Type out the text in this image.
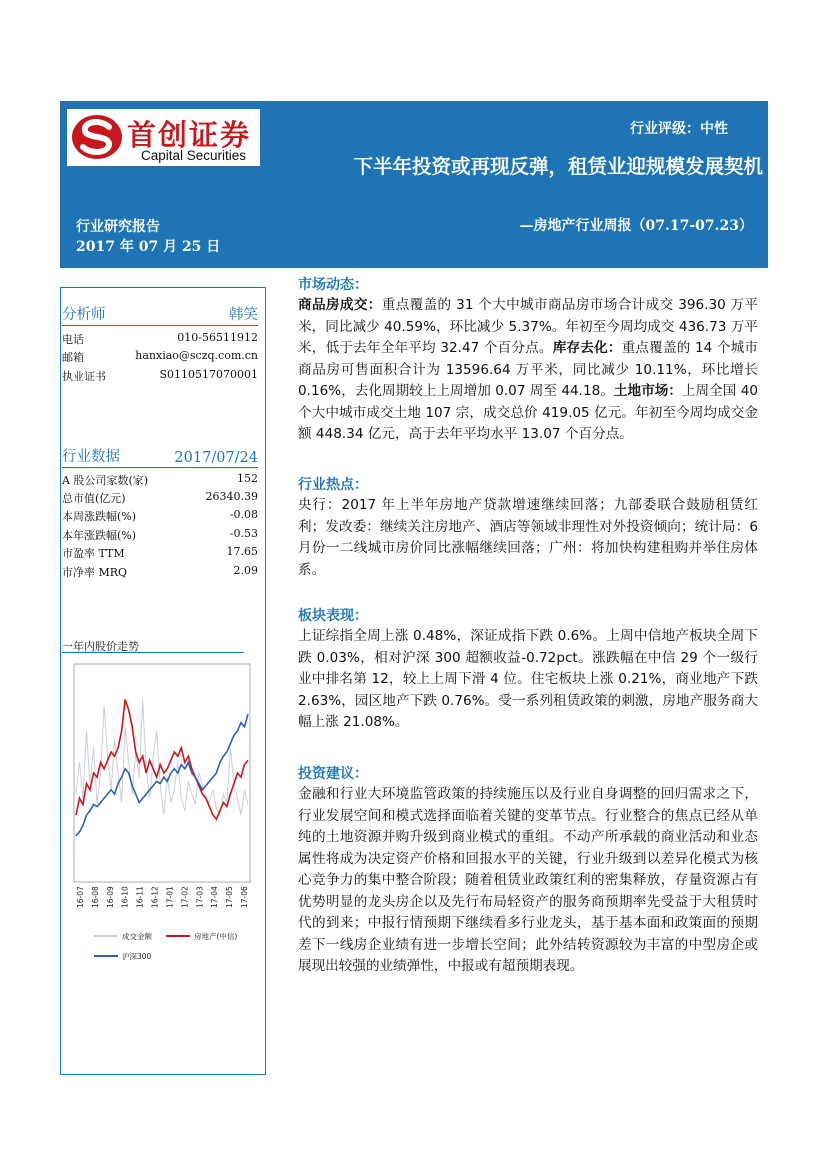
首创证券
Capital Securities
行业评级：中性
下半年投资或再现反弹，租赁业迎规模发展契机
行业研究报告
2017 年 07 月 25 日
—房地产行业周报（07.17-07.23）
分析师	韩笑
电话	010-56511912
邮箱	hanxiao@sczq.com.cn
执业证书	S0110517070001
行业数据	2017/07/24
A 股公司家数(家)	152
总市值(亿元)	26340.39
本周涨跌幅(%)	-0.08
本年涨跌幅(%)	-0.53
市盈率 TTM	17.65
市净率 MRQ	2.09
一年内股价走势
16-07 16-08 16-09 16-10 16-11 16-12 17-01 17-02 17-03 17-04 17-05 17-06
成交金额	房地产(中信)
沪深300
市场动态：
商品房成交：重点覆盖的 31 个大中城市商品房市场合计成交 396.30 万平米，同比减少 40.59%，环比减少 5.37%。年初至今周均成交 436.73 万平米，低于去年全年平均 32.47 个百分点。库存去化：重点覆盖的 14 个城市商品房可售面积合计为 13596.64 万平米，同比减少 10.11%，环比增长 0.16%，去化周期较上上周增加 0.07 周至 44.18。土地市场：上周全国 40 个大中城市成交土地 107 宗，成交总价 419.05 亿元。年初至今周均成交金额 448.34 亿元，高于去年平均水平 13.07 个百分点。
行业热点：
央行：2017 年上半年房地产贷款增速继续回落；九部委联合鼓励租赁红利；发改委：继续关注房地产、酒店等领域非理性对外投资倾向；统计局：6 月份一二线城市房价同比涨幅继续回落；广州：将加快构建租购并举住房体系。
板块表现：
上证综指全周上涨 0.48%，深证成指下跌 0.6%。上周中信地产板块全周下跌 0.03%，相对沪深 300 超额收益-0.72pct。涨跌幅在中信 29 个一级行业中排名第 12，较上上周下滑 4 位。住宅板块上涨 0.21%，商业地产下跌 2.63%，园区地产下跌 0.76%。受一系列租赁政策的刺激，房地产服务商大幅上涨 21.08%。
投资建议：
金融和行业大环境监管政策的持续施压以及行业自身调整的回归需求之下，行业发展空间和模式选择面临着关键的变革节点。行业整合的焦点已经从单纯的土地资源并购升级到商业模式的重组。不动产所承载的商业活动和业态属性将成为决定资产价格和回报水平的关键，行业升级到以差异化模式为核心竞争力的集中整合阶段；随着租赁业政策红利的密集释放，存量资源占有优势明显的龙头房企以及先行布局轻资产的服务商预期率先受益于大租赁时代的到来；中报行情预期下继续看多行业龙头，基于基本面和政策面的预期差下一线房企业绩有进一步增长空间；此外结转资源较为丰富的中型房企或展现出较强的业绩弹性，中报或有超预期表现。
